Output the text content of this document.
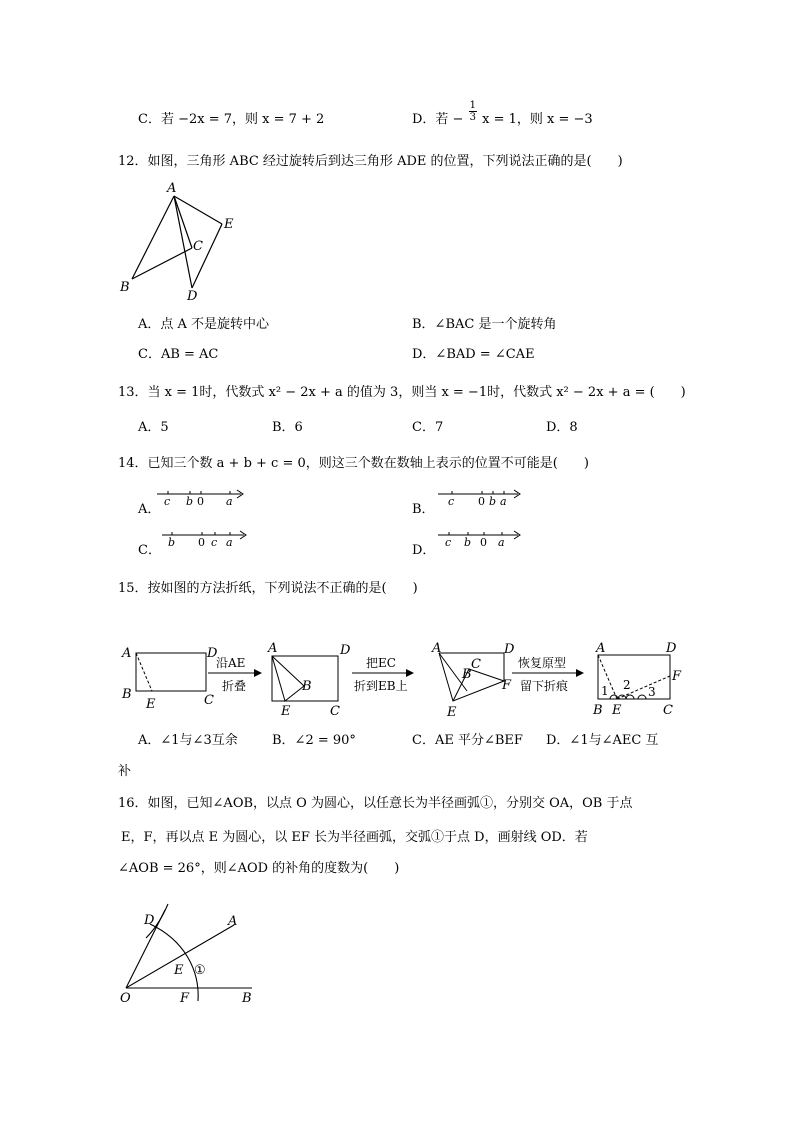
C．若 −2x = 7，则 x = 7 + 2	D．若 − $\frac{1}{3}$ x = 1，则 x = −3
12．如图，三角形 ABC 经过旋转后到达三角形 ADE 的位置，下列说法正确的是(　　)
A
B
C
D
E
A．点 A 不是旋转中心	B．∠BAC 是一个旋转角
C．AB = AC	D．∠BAD = ∠CAE
13．当 x = 1时，代数式 x² − 2x + a 的值为 3，则当 x = −1时，代数式 x² − 2x + a = (　　)
A．5	B．6	C．7	D．8
14．已知三个数 a + b + c = 0，则这三个数在数轴上表示的位置不可能是(　　)
A．
c b 0 a
B．
c 0 b a
C．
b 0 c a
D．
c b 0 a
15．按如图的方法折纸，下列说法不正确的是(　　)
A	D
B	C
E
沿AE
折叠
A	D
B
E	C
把EC
折到EB上
A	D
C
B
F
E
恢复原型
留下折痕
A	D
F
1 2 3
B E	C
A．∠1与∠3互余	B．∠2 = 90°	C．AE 平分∠BEF D．∠1与∠AEC 互
补
16．如图，已知∠AOB，以点 O 为圆心，以任意长为半径画弧①，分别交 OA，OB 于点
E，F，再以点 E 为圆心，以 EF 长为半径画弧，交弧①于点 D，画射线 OD．若
∠AOB = 26°，则∠AOD 的补角的度数为(　　)
O	F	B
E ①
A
D
